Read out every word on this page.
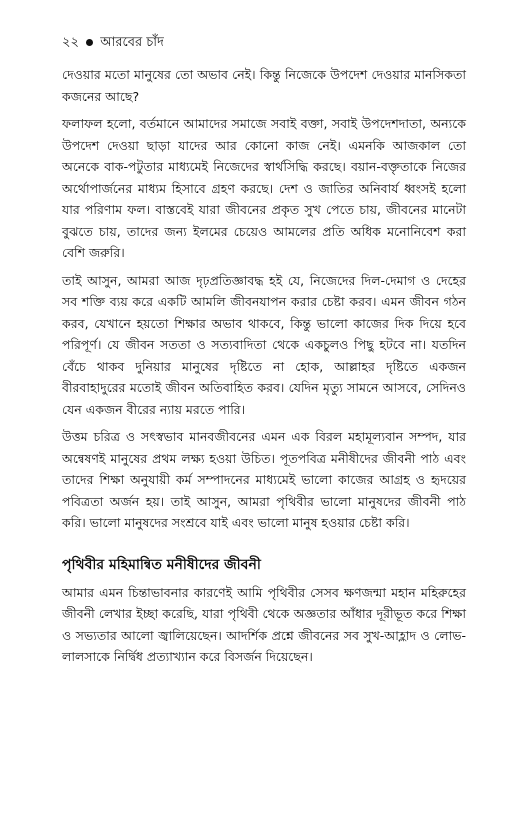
২২ আরবের চাঁদ

দেওয়ার মতো মানুষের তো অভাব নেই। কিন্তু নিজেকে উপদেশ দেওয়ার মানসিকতা কজনের আছে?

ফলাফল হলো, বর্তমানে আমাদের সমাজে সবাই বক্তা, সবাই উপদেশদাতা, অন্যকে উপদেশ দেওয়া ছাড়া যাদের আর কোনো কাজ নেই। এমনকি আজকাল তো অনেকে বাক-পটুতার মাধ্যমেই নিজেদের স্বার্থসিদ্ধি করছে। বয়ান-বক্তৃতাকে নিজের অর্থোপার্জনের মাধ্যম হিসাবে গ্রহণ করছে। দেশ ও জাতির অনিবার্য ধ্বংসই হলো যার পরিণাম ফল। বাস্তবেই যারা জীবনের প্রকৃত সুখ পেতে চায়, জীবনের মানেটা বুঝতে চায়, তাদের জন্য ইলমের চেয়েও আমলের প্রতি অধিক মনোনিবেশ করা বেশি জরুরি।

তাই আসুন, আমরা আজ দৃঢ়প্রতিজ্ঞাবদ্ধ হই যে, নিজেদের দিল-দেমাগ ও দেহের সব শক্তি ব্যয় করে একটি আমলি জীবনযাপন করার চেষ্টা করব। এমন জীবন গঠন করব, যেখানে হয়তো শিক্ষার অভাব থাকবে, কিন্তু ভালো কাজের দিক দিয়ে হবে পরিপূর্ণ। যে জীবন সততা ও সত্যবাদিতা থেকে একচুলও পিছু হটবে না। যতদিন বেঁচে থাকব দুনিয়ার মানুষের দৃষ্টিতে না হোক, আল্লাহর দৃষ্টিতে একজন বীরবাহাদুরের মতোই জীবন অতিবাহিত করব। যেদিন মৃত্যু সামনে আসবে, সেদিনও যেন একজন বীরের ন্যায় মরতে পারি।

উত্তম চরিত্র ও সৎস্বভাব মানবজীবনের এমন এক বিরল মহামূল্যবান সম্পদ, যার অন্বেষণই মানুষের প্রথম লক্ষ্য হওয়া উচিত। পূতপবিত্র মনীষীদের জীবনী পাঠ এবং তাদের শিক্ষা অনুযায়ী কর্ম সম্পাদনের মাধ্যমেই ভালো কাজের আগ্রহ ও হৃদয়ের পবিত্রতা অর্জন হয়। তাই আসুন, আমরা পৃথিবীর ভালো মানুষদের জীবনী পাঠ করি। ভালো মানুষদের সংশ্রবে যাই এবং ভালো মানুষ হওয়ার চেষ্টা করি।

পৃথিবীর মহিমান্বিত মনীষীদের জীবনী

আমার এমন চিন্তাভাবনার কারণেই আমি পৃথিবীর সেসব ক্ষণজন্মা মহান মহিরুহের জীবনী লেখার ইচ্ছা করেছি, যারা পৃথিবী থেকে অজ্ঞতার আঁধার দূরীভূত করে শিক্ষা ও সভ্যতার আলো জ্বালিয়েছেন। আদর্শিক প্রশ্নে জীবনের সব সুখ-আহ্লাদ ও লোভ-লালসাকে নির্দ্বিধ প্রত্যাখ্যান করে বিসর্জন দিয়েছেন।
